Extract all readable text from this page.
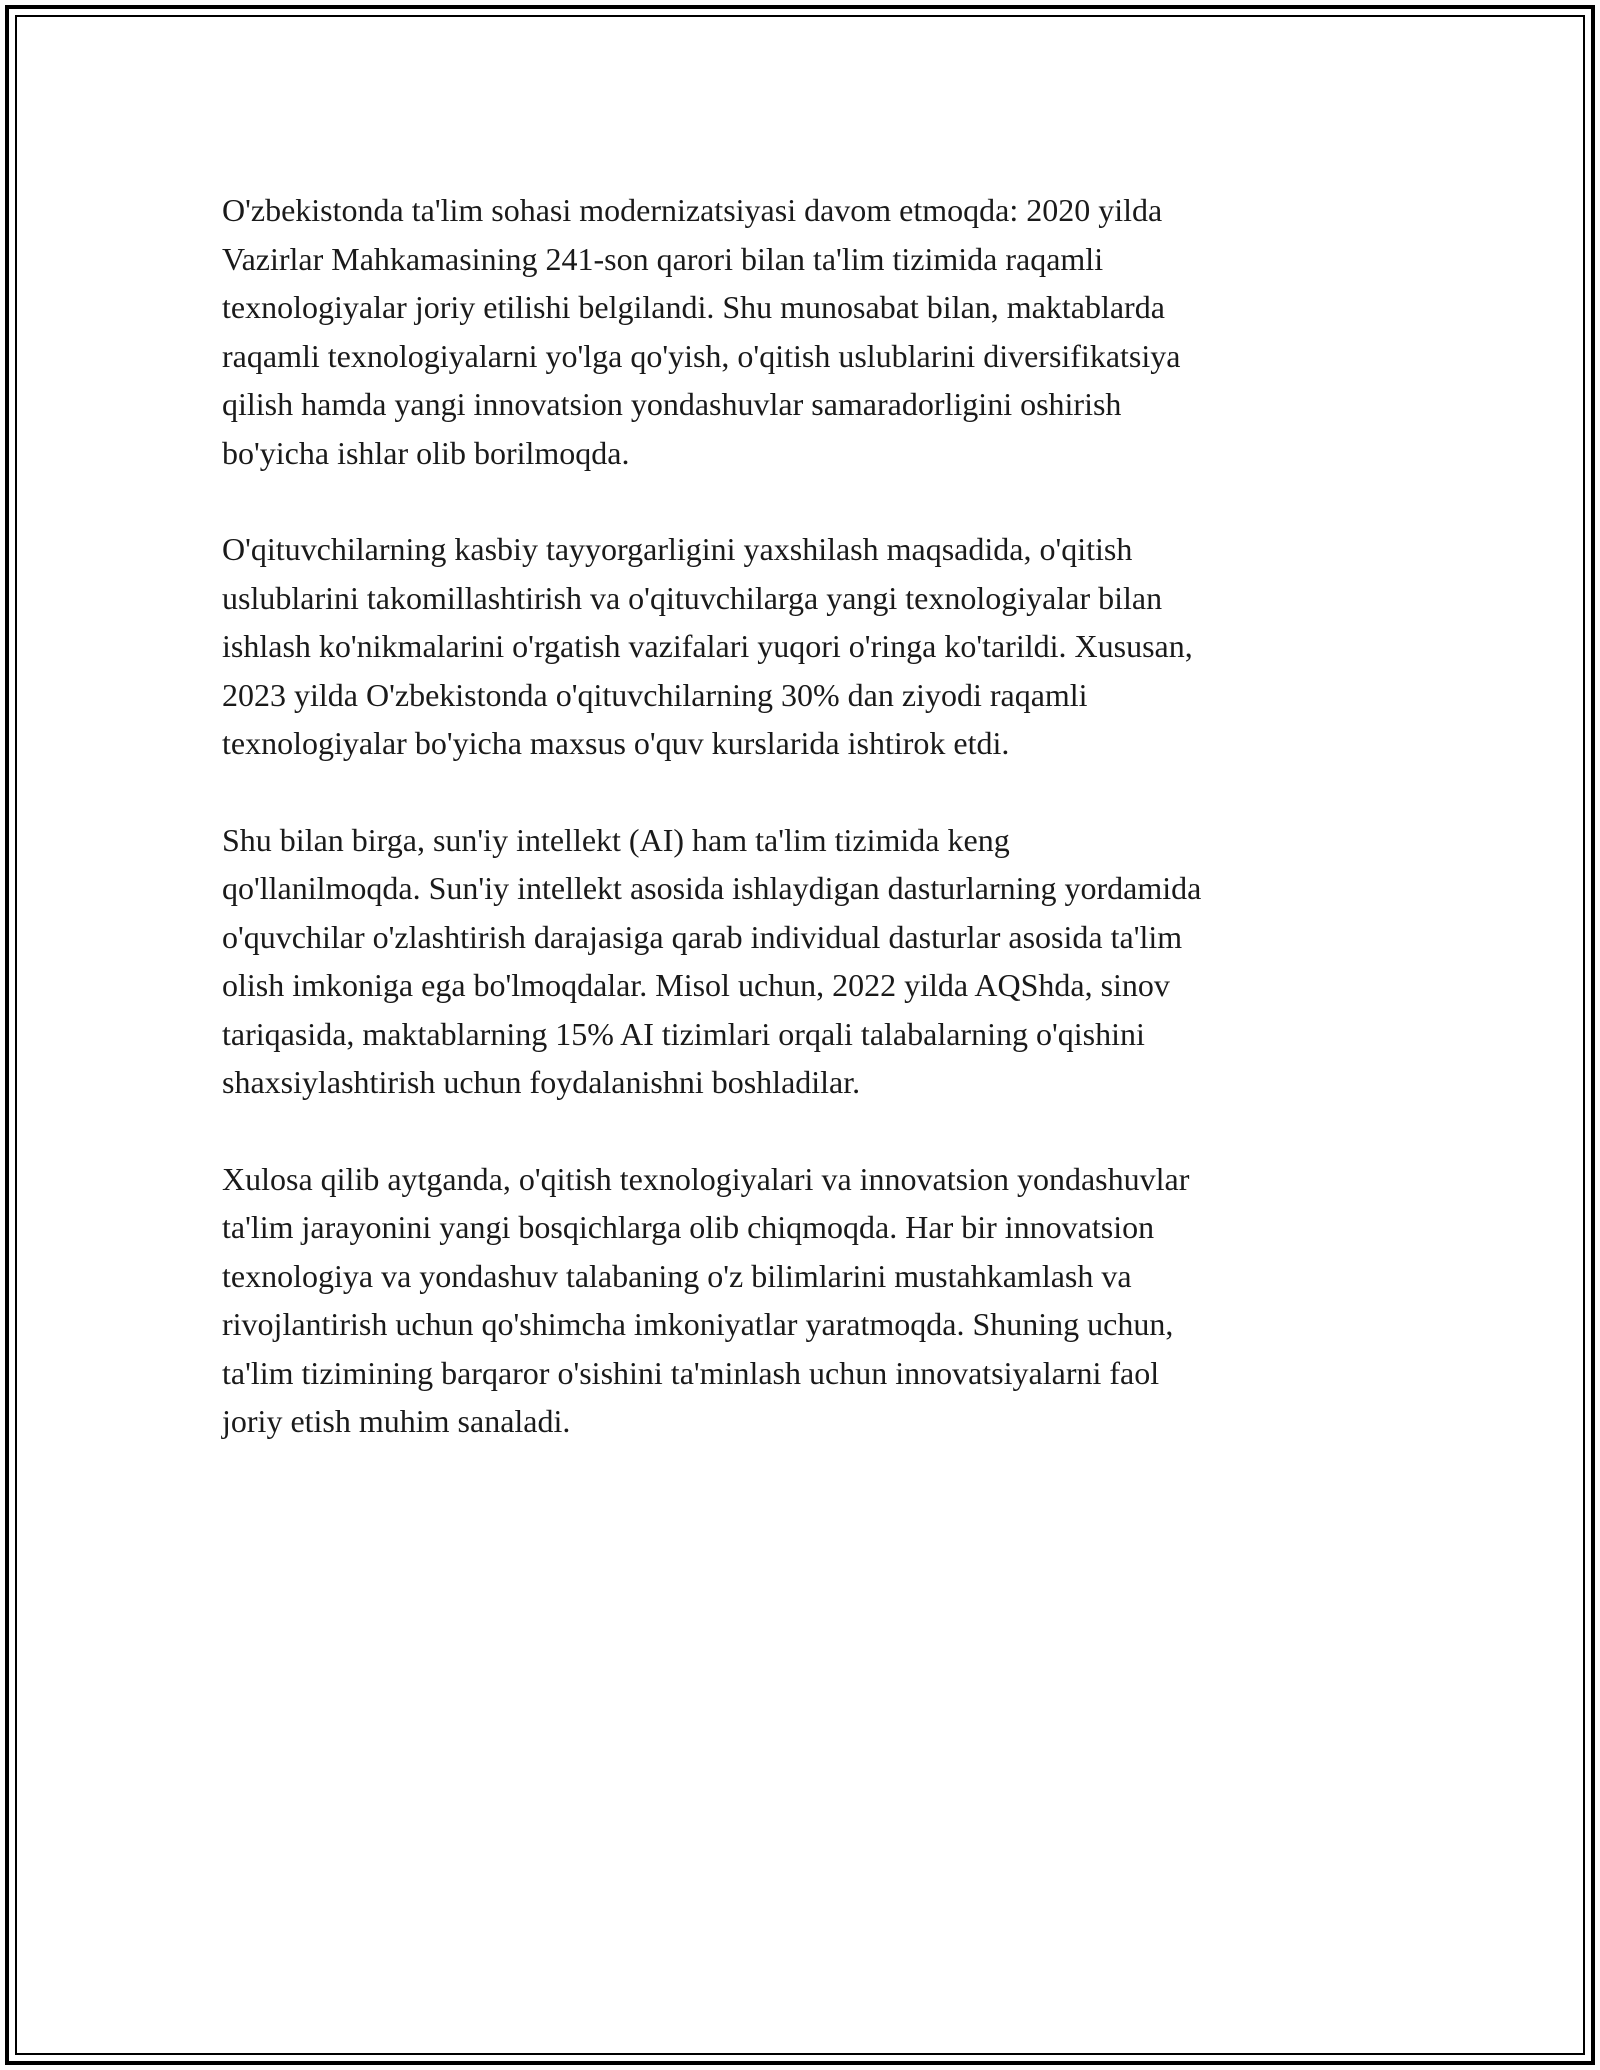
O'zbekistonda ta'lim sohasi modernizatsiyasi davom etmoqda: 2020 yilda
Vazirlar Mahkamasining 241-son qarori bilan ta'lim tizimida raqamli
texnologiyalar joriy etilishi belgilandi. Shu munosabat bilan, maktablarda
raqamli texnologiyalarni yo'lga qo'yish, o'qitish uslublarini diversifikatsiya
qilish hamda yangi innovatsion yondashuvlar samaradorligini oshirish
bo'yicha ishlar olib borilmoqda.

O'qituvchilarning kasbiy tayyorgarligini yaxshilash maqsadida, o'qitish
uslublarini takomillashtirish va o'qituvchilarga yangi texnologiyalar bilan
ishlash ko'nikmalarini o'rgatish vazifalari yuqori o'ringa ko'tarildi. Xususan,
2023 yilda O'zbekistonda o'qituvchilarning 30% dan ziyodi raqamli
texnologiyalar bo'yicha maxsus o'quv kurslarida ishtirok etdi.

Shu bilan birga, sun'iy intellekt (AI) ham ta'lim tizimida keng
qo'llanilmoqda. Sun'iy intellekt asosida ishlaydigan dasturlarning yordamida
o'quvchilar o'zlashtirish darajasiga qarab individual dasturlar asosida ta'lim
olish imkoniga ega bo'lmoqdalar. Misol uchun, 2022 yilda AQShda, sinov
tariqasida, maktablarning 15% AI tizimlari orqali talabalarning o'qishini
shaxsiylashtirish uchun foydalanishni boshladilar.

Xulosa qilib aytganda, o'qitish texnologiyalari va innovatsion yondashuvlar
ta'lim jarayonini yangi bosqichlarga olib chiqmoqda. Har bir innovatsion
texnologiya va yondashuv talabaning o'z bilimlarini mustahkamlash va
rivojlantirish uchun qo'shimcha imkoniyatlar yaratmoqda. Shuning uchun,
ta'lim tizimining barqaror o'sishini ta'minlash uchun innovatsiyalarni faol
joriy etish muhim sanaladi.
